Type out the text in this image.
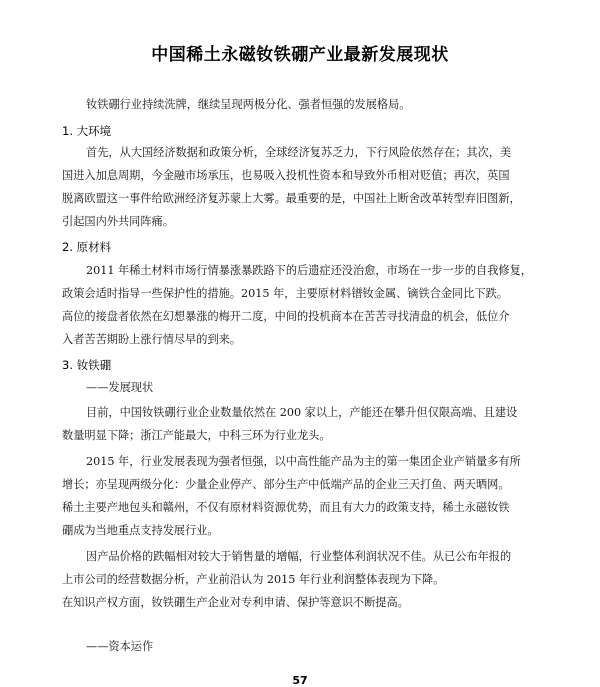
中国稀土永磁钕铁硼产业最新发展现状
钕铁硼行业持续洗牌，继续呈现两极分化、强者恒强的发展格局。
1. 大环境
首先，从大国经济数据和政策分析，全球经济复苏乏力，下行风险依然存在；其次，美
国进入加息周期，今金融市场承压，也易吸入投机性资本和导致外币相对贬值；再次，英国
脱离欧盟这一事件给欧洲经济复苏蒙上大雾。最重要的是，中国社上断舍改革转型弃旧图新，
引起国内外共同阵痛。
2. 原材料
2011 年稀土材料市场行情暴涨暴跌路下的后遗症还没治愈，市场在一步一步的自我修复，
政策会适时指导一些保护性的措施。2015 年，主要原材料镨钕金属、镝铁合金同比下跌。
高位的接盘者依然在幻想暴涨的梅开二度，中间的投机商本在苦苦寻找清盘的机会，低位介
入者苦苦期盼上涨行情尽早的到来。
3. 钕铁硼
——发展现状
目前，中国钕铁硼行业企业数量依然在 200 家以上，产能还在攀升但仅限高端、且建设
数量明显下降；浙江产能最大，中科三环为行业龙头。
2015 年，行业发展表现为强者恒强，以中高性能产品为主的第一集团企业产销量多有所
增长；亦呈现两级分化：少量企业停产、部分生产中低端产品的企业三天打鱼、两天晒网。
稀土主要产地包头和赣州，不仅有原材料资源优势，而且有大力的政策支持，稀土永磁钕铁
硼成为当地重点支持发展行业。
因产品价格的跌幅相对较大于销售量的增幅，行业整体利润状况不佳。从已公布年报的
上市公司的经营数据分析，产业前沿认为 2015 年行业利润整体表现为下降。
在知识产权方面，钕铁硼生产企业对专利申请、保护等意识不断提高。
——资本运作
57
